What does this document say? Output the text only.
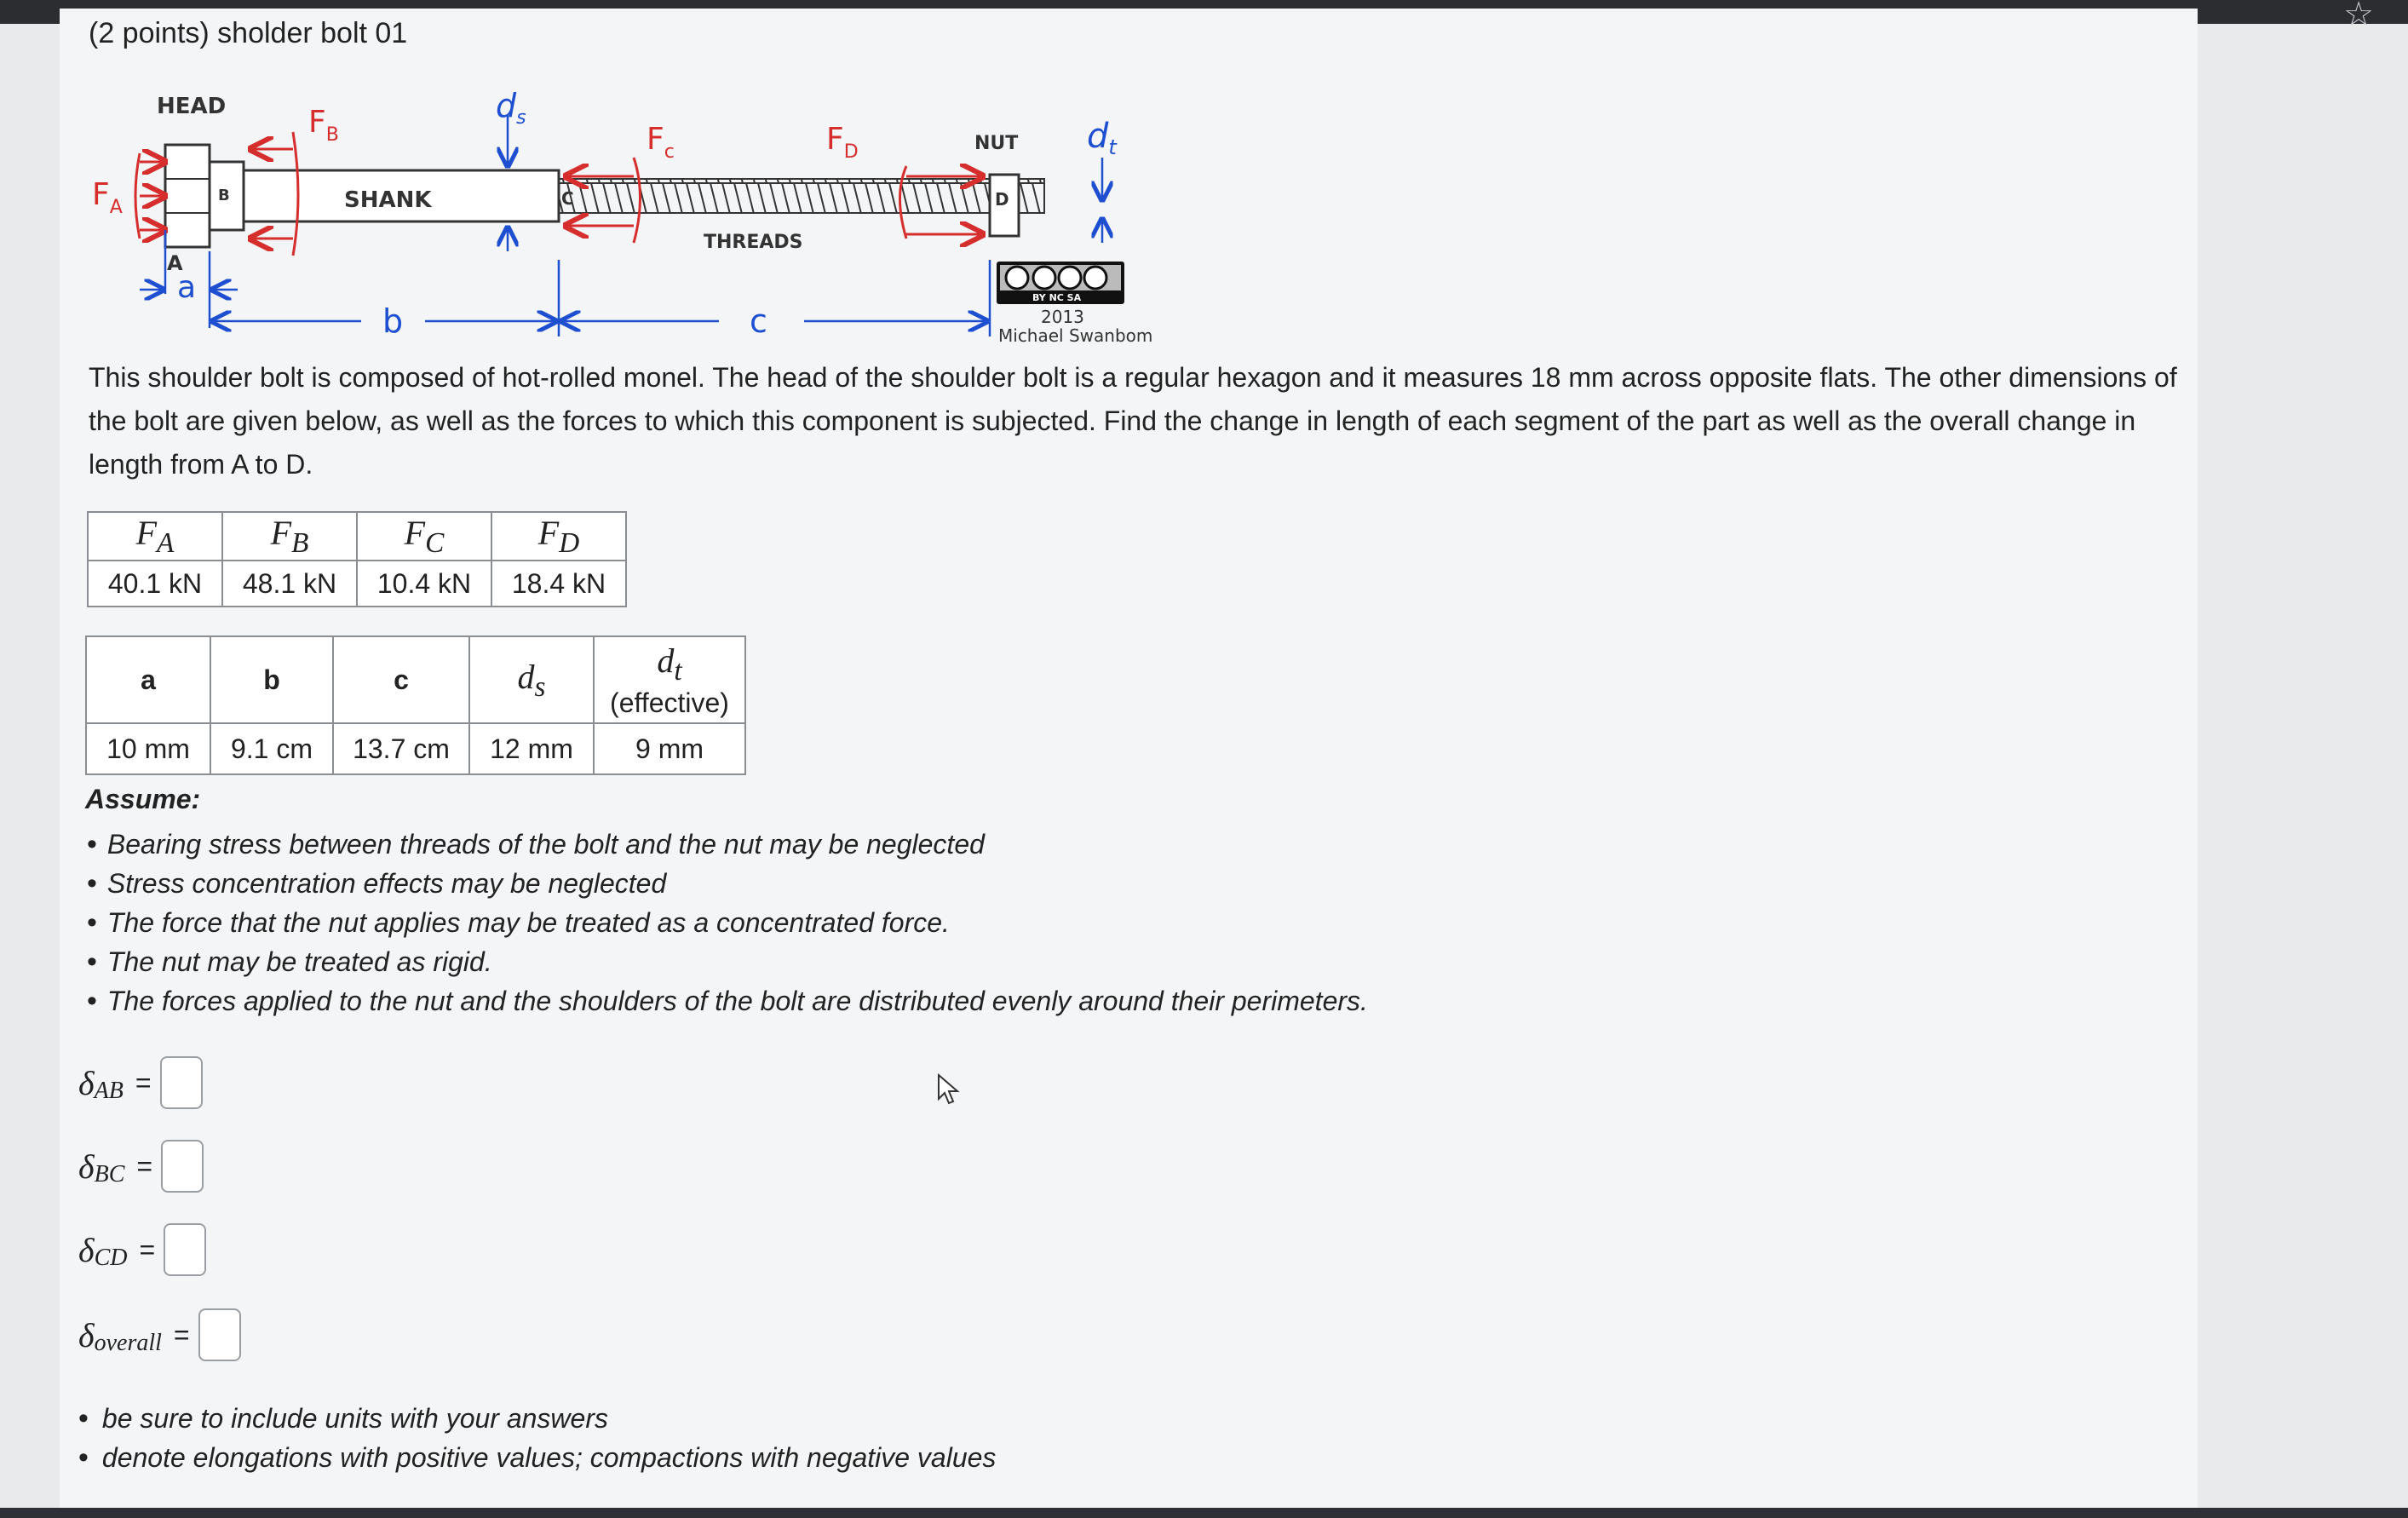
☆
(2 points) sholder bolt 01
HEAD
SHANK
THREADS
NUT
$F_A$
$F_B$	$F_c$	$F_D$
$d_s$	$d_t$
A
B	C	D
a
b	c
BY NC SA
2013
Michael Swanbom
This shoulder bolt is composed of hot-rolled monel. The head of the shoulder bolt is a regular hexagon and it measures 18 mm across opposite flats. The other dimensions of the bolt are given below, as well as the forces to which this component is subjected. Find the change in length of each segment of the part as well as the overall change in length from A to D.
$F_A$	$F_B$	$F_C$	$F_D$
40.1 kN	48.1 kN	10.4 kN	18.4 kN
a	b	c	$d_s$	$d_t$
(effective)

10 mm	9.1 cm	13.7 cm	12 mm	9 mm
Assume:
• Bearing stress between threads of the bolt and the nut may be neglected
• Stress concentration effects may be neglected
• The force that the nut applies may be treated as a concentrated force.
• The nut may be treated as rigid.
• The forces applied to the nut and the shoulders of the bolt are distributed evenly around their perimeters.
δ AB =
δ BC =
δ CD =
δ overall =
• be sure to include units with your answers
• denote elongations with positive values; compactions with negative values
